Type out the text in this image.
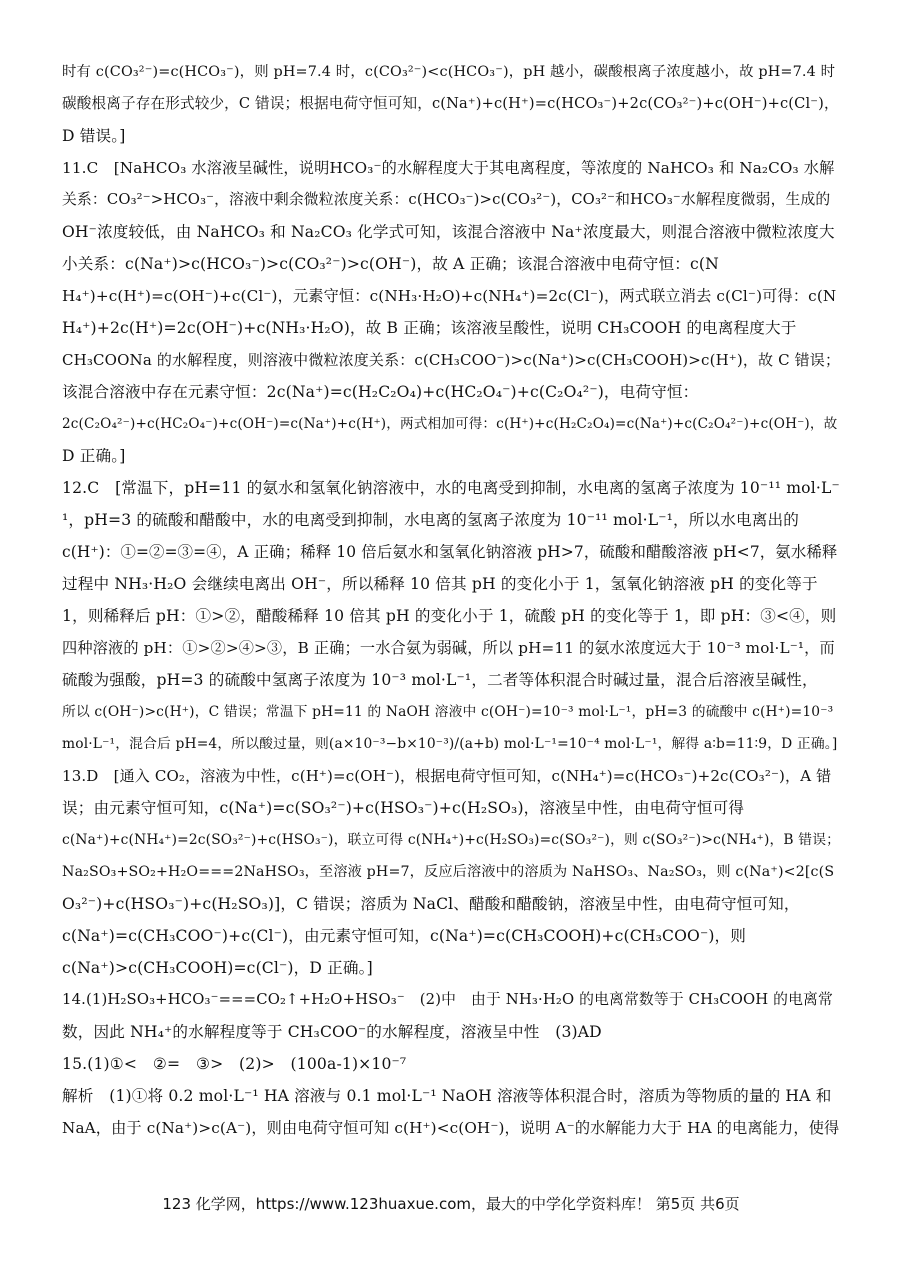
时有 c(CO₃²⁻)=c(HCO₃⁻)，则 pH=7.4 时，c(CO₃²⁻)<c(HCO₃⁻)，pH 越小，碳酸根离子浓度越小，故 pH=7.4 时
碳酸根离子存在形式较少，C 错误；根据电荷守恒可知，c(Na⁺)+c(H⁺)=c(HCO₃⁻)+2c(CO₃²⁻)+c(OH⁻)+c(Cl⁻)，
D 错误。]
11.C　[NaHCO₃ 水溶液呈碱性，说明HCO₃⁻的水解程度大于其电离程度，等浓度的 NaHCO₃ 和 Na₂CO₃ 水解
关系：CO₃²⁻>HCO₃⁻，溶液中剩余微粒浓度关系：c(HCO₃⁻)>c(CO₃²⁻)，CO₃²⁻和HCO₃⁻水解程度微弱，生成的
OH⁻浓度较低，由 NaHCO₃ 和 Na₂CO₃ 化学式可知，该混合溶液中 Na⁺浓度最大，则混合溶液中微粒浓度大
小关系：c(Na⁺)>c(HCO₃⁻)>c(CO₃²⁻)>c(OH⁻)，故 A 正确；该混合溶液中电荷守恒：c(N
H₄⁺)+c(H⁺)=c(OH⁻)+c(Cl⁻)，元素守恒：c(NH₃·H₂O)+c(NH₄⁺)=2c(Cl⁻)，两式联立消去 c(Cl⁻)可得：c(N
H₄⁺)+2c(H⁺)=2c(OH⁻)+c(NH₃·H₂O)，故 B 正确；该溶液呈酸性，说明 CH₃COOH 的电离程度大于
CH₃COONa 的水解程度，则溶液中微粒浓度关系：c(CH₃COO⁻)>c(Na⁺)>c(CH₃COOH)>c(H⁺)，故 C 错误；
该混合溶液中存在元素守恒：2c(Na⁺)=c(H₂C₂O₄)+c(HC₂O₄⁻)+c(C₂O₄²⁻)，电荷守恒：
2c(C₂O₄²⁻)+c(HC₂O₄⁻)+c(OH⁻)=c(Na⁺)+c(H⁺)，两式相加可得：c(H⁺)+c(H₂C₂O₄)=c(Na⁺)+c(C₂O₄²⁻)+c(OH⁻)，故
D 正确。]
12.C　[常温下，pH=11 的氨水和氢氧化钠溶液中，水的电离受到抑制，水电离的氢离子浓度为 10⁻¹¹ mol·L⁻
¹，pH=3 的硫酸和醋酸中，水的电离受到抑制，水电离的氢离子浓度为 10⁻¹¹ mol·L⁻¹，所以水电离出的
c(H⁺)：①=②=③=④，A 正确；稀释 10 倍后氨水和氢氧化钠溶液 pH>7，硫酸和醋酸溶液 pH<7，氨水稀释
过程中 NH₃·H₂O 会继续电离出 OH⁻，所以稀释 10 倍其 pH 的变化小于 1，氢氧化钠溶液 pH 的变化等于
1，则稀释后 pH：①>②，醋酸稀释 10 倍其 pH 的变化小于 1，硫酸 pH 的变化等于 1，即 pH：③<④，则
四种溶液的 pH：①>②>④>③，B 正确；一水合氨为弱碱，所以 pH=11 的氨水浓度远大于 10⁻³ mol·L⁻¹，而
硫酸为强酸，pH=3 的硫酸中氢离子浓度为 10⁻³ mol·L⁻¹，二者等体积混合时碱过量，混合后溶液呈碱性，
所以 c(OH⁻)>c(H⁺)，C 错误；常温下 pH=11 的 NaOH 溶液中 c(OH⁻)=10⁻³ mol·L⁻¹，pH=3 的硫酸中 c(H⁺)=10⁻³
mol·L⁻¹，混合后 pH=4，所以酸过量，则(a×10⁻³−b×10⁻³)/(a+b) mol·L⁻¹=10⁻⁴ mol·L⁻¹，解得 a∶b=11∶9，D 正确。]
13.D　[通入 CO₂，溶液为中性，c(H⁺)=c(OH⁻)，根据电荷守恒可知，c(NH₄⁺)=c(HCO₃⁻)+2c(CO₃²⁻)，A 错
误；由元素守恒可知，c(Na⁺)=c(SO₃²⁻)+c(HSO₃⁻)+c(H₂SO₃)，溶液呈中性，由电荷守恒可得
c(Na⁺)+c(NH₄⁺)=2c(SO₃²⁻)+c(HSO₃⁻)，联立可得 c(NH₄⁺)+c(H₂SO₃)=c(SO₃²⁻)，则 c(SO₃²⁻)>c(NH₄⁺)，B 错误；
Na₂SO₃+SO₂+H₂O===2NaHSO₃，至溶液 pH=7，反应后溶液中的溶质为 NaHSO₃、Na₂SO₃，则 c(Na⁺)<2[c(S
O₃²⁻)+c(HSO₃⁻)+c(H₂SO₃)]，C 错误；溶质为 NaCl、醋酸和醋酸钠，溶液呈中性，由电荷守恒可知，
c(Na⁺)=c(CH₃COO⁻)+c(Cl⁻)，由元素守恒可知，c(Na⁺)=c(CH₃COOH)+c(CH₃COO⁻)，则
c(Na⁺)>c(CH₃COOH)=c(Cl⁻)，D 正确。]
14.(1)H₂SO₃+HCO₃⁻===CO₂↑+H₂O+HSO₃⁻　(2)中　由于 NH₃·H₂O 的电离常数等于 CH₃COOH 的电离常
数，因此 NH₄⁺的水解程度等于 CH₃COO⁻的水解程度，溶液呈中性　(3)AD
15.(1)①<　②=　③>　(2)>　(100a-1)×10⁻⁷
解析　(1)①将 0.2 mol·L⁻¹ HA 溶液与 0.1 mol·L⁻¹ NaOH 溶液等体积混合时，溶质为等物质的量的 HA 和
NaA，由于 c(Na⁺)>c(A⁻)，则由电荷守恒可知 c(H⁺)<c(OH⁻)，说明 A⁻的水解能力大于 HA 的电离能力，使得
123 化学网，https://www.123huaxue.com，最大的中学化学资料库！ 第5页 共6页
